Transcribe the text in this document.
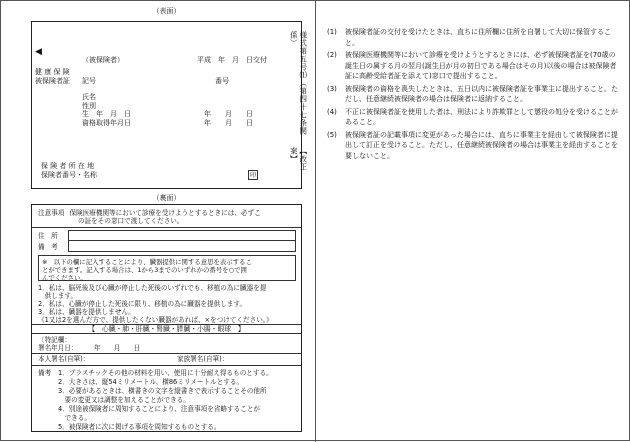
（表面）
◀
（被保険者）	平成　年　月　日交付
健 康 保 険
被保険者証 記号	番号
氏名
性別
生　年　月　日	年　　月　　日
資格取得年月日	年　　月　　日
保 険 者 所 在 地
保険者番号・名称	印
様式第五号⑴（第四十七条関係）
【改正案】
（裏面）
注意事項 保険医療機関等において診療を受けようとするときには、必ずこ
の証をその窓口で渡してください。
住　所
備　考
※　以下の欄に記入することにより、臓器提供に関する意思を表示するこ
とができます。記入する場合は、1から3までのいずれかの番号を○で囲
んでください。
1．私は、脳死後及び心臓が停止した死後のいずれでも、移植の為に臓器を提
　供します。
2．私は、心臓が停止した死後に限り、移植の為に臓器を提供します。
3．私は、臓器を提供しません。
《1又は2を選んだ方で、提供したくない臓器があれば、×をつけてください。》
【　心臓・肺・肝臓・腎臓・膵臓・小腸・眼球　】
〔特記欄：
署名年月日：　　　年　　月　　日
本人署名(自筆)：	家族署名(自筆)：
備考 1．プラスチックその他の材料を用い、使用に十分耐え得るものとする。
2．大きさは、縦54ミリメートル、横86ミリメートルとする。
3．必要があるときは、横書きの文字を縦書きで表示することその他所
　要の変更又は調整を加えることができる。
4．別途被保険者に周知することにより、注意事項を省略することが
　できる。
5．被保険者に次に掲げる事項を周知するものとする。
(1)	被保険者証の交付を受けたときは、直ちに住所欄に住所を自署して大切に保管すること。
(2)	被保険医療機関等において診療を受けようとするときには、必ず被保険者証を(70歳の誕生日の属する月の翌月(誕生日が月の初日である場合はその月)以後の場合は被保険者証に高齢受給者証を添えて)窓口で提出すること。
(3)	被保険者の資格を喪失したときは、五日以内に被保険者証を事業主に提出すること。ただし、任意継続被保険者の場合は保険者に返納すること。
(4)	不正に被保険者証を使用した者は、刑法により詐欺罪として懲役の処分を受けることがあること。
(5)	被保険者証の記載事項に変更があった場合には、直ちに事業主を経由して被保険者に提出して訂正を受けること。ただし、任意継続被保険者の場合は事業主を経由することを要しないこと。
